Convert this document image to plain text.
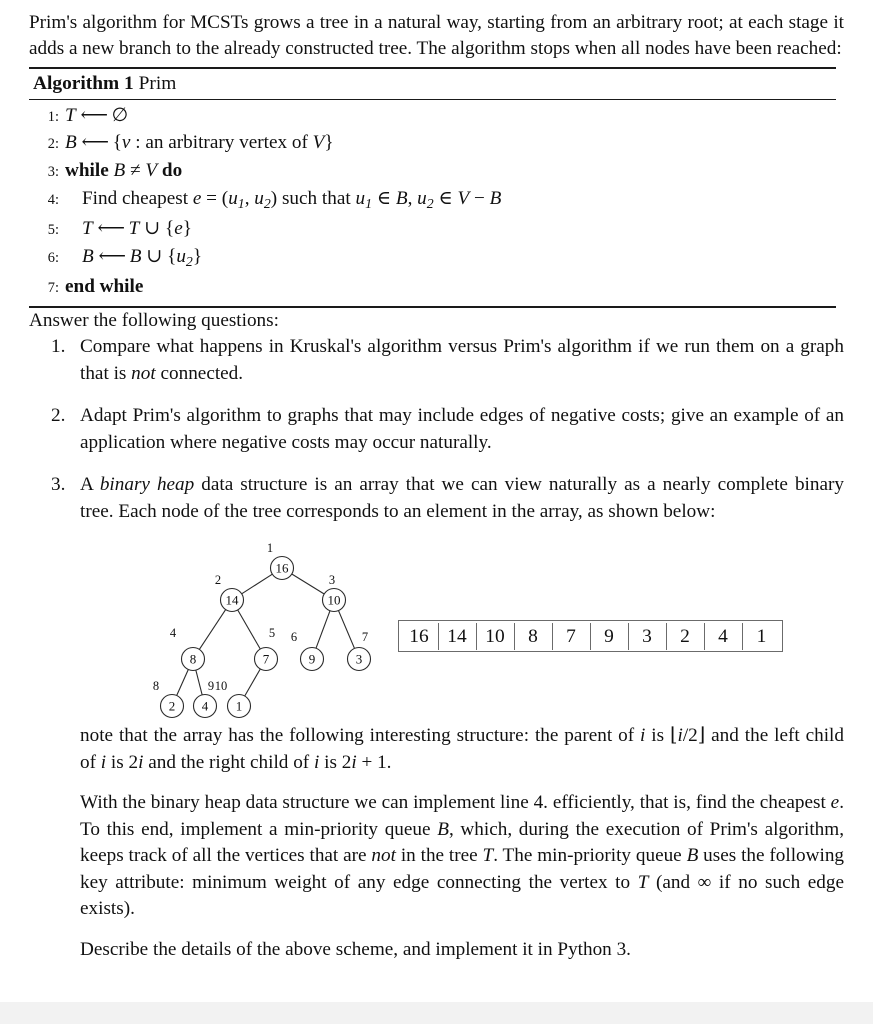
Prim's algorithm for MCSTs grows a tree in a natural way, starting from an arbitrary root; at each stage it adds a new branch to the already constructed tree. The algorithm stops when all nodes have been reached:

Algorithm 1 Prim
1: T ⟵ ∅
2: B ⟵ {v : an arbitrary vertex of V}
3: while B ≠ V do
4:	Find cheapest $e = (u_1$, $u_2$) such that $u_1$ ∈ B, $u_2$ ∈ V − B
5:	T ⟵ T ∪ {e}
6:	B ⟵ B ∪ $\{u_2\}$
7: end while

Answer the following questions:

1. Compare what happens in Kruskal's algorithm versus Prim's algorithm if we run them on a graph that is not connected.
2. Adapt Prim's algorithm to graphs that may include edges of negative costs; give an example of an application where negative costs may occur naturally.
3. A binary heap data structure is an array that we can view naturally as a nearly complete binary tree. Each node of the tree corresponds to an element in the array, as shown below:
16
1
14
2
10
3
8
4
7
5
9
6
3
7
2
8
4
9
1
10
16 14 10	8	7	9	3	2	4	1
note that the array has the following interesting structure: the parent of i is ⌊i/2⌋ and the left child of i is 2i and the right child of i is 2i + 1.
With the binary heap data structure we can implement line 4. efficiently, that is, find the cheapest e. To this end, implement a min-priority queue B, which, during the execution of Prim's algorithm, keeps track of all the vertices that are not in the tree T. The min-priority queue B uses the following key attribute: minimum weight of any edge connecting the vertex to T (and ∞ if no such edge exists).
Describe the details of the above scheme, and implement it in Python 3.
